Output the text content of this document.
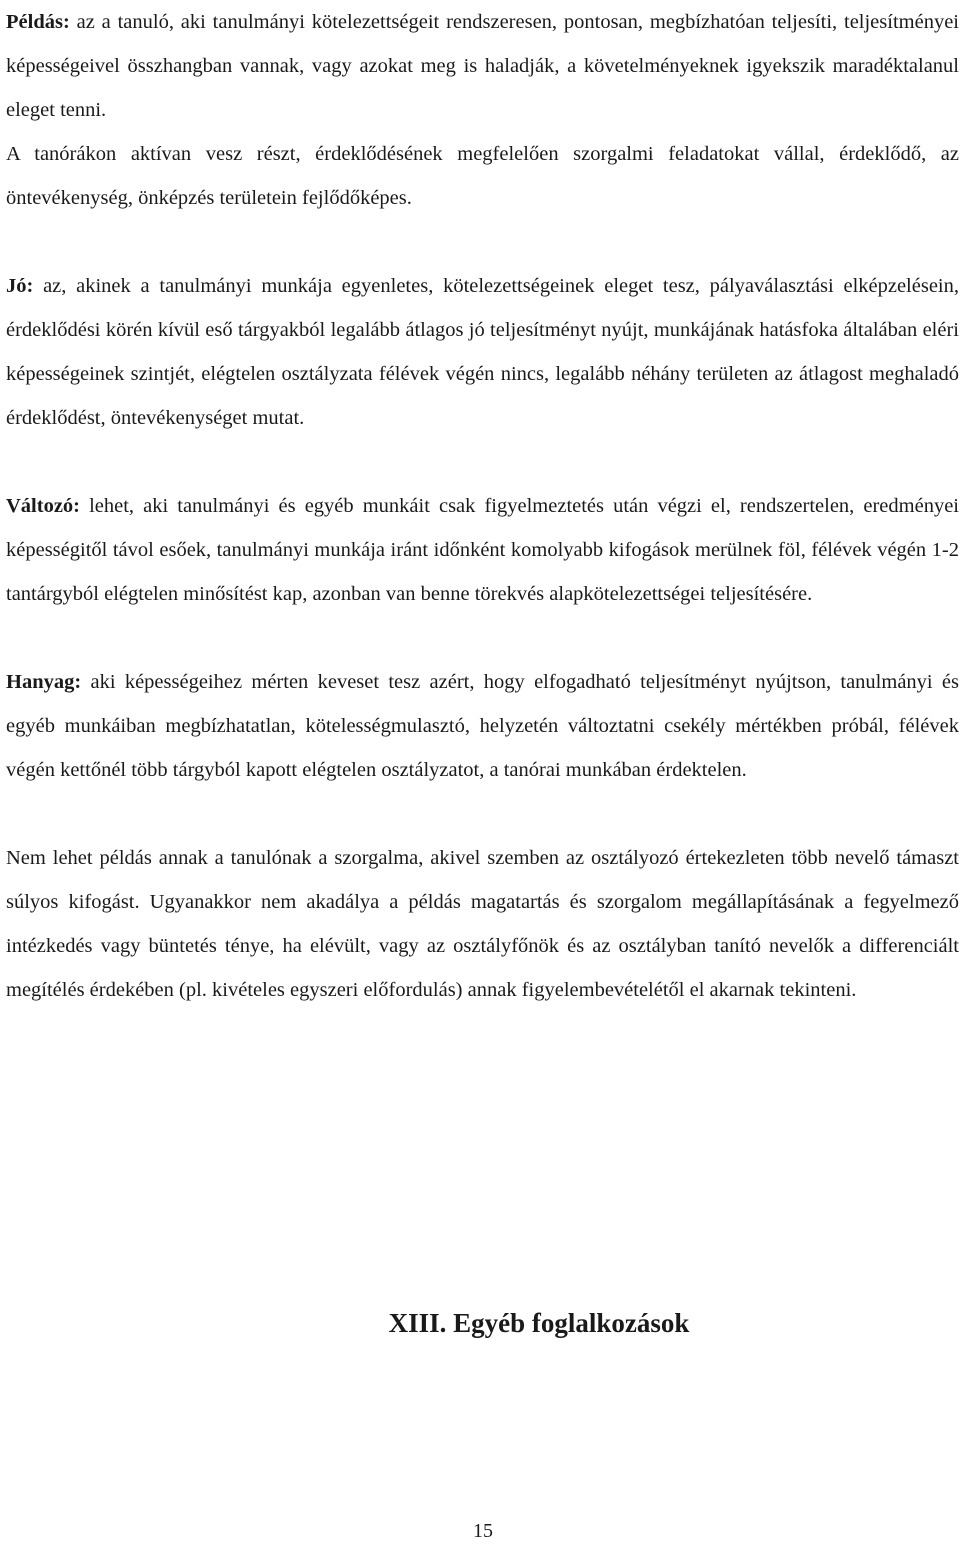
Példás: az a tanuló, aki tanulmányi kötelezettségeit rendszeresen, pontosan, megbízhatóan teljesíti, teljesítményei képességeivel összhangban vannak, vagy azokat meg is haladják, a követelményeknek igyekszik maradéktalanul eleget tenni.

A tanórákon aktívan vesz részt, érdeklődésének megfelelően szorgalmi feladatokat vállal, érdeklődő, az öntevékenység, önképzés területein fejlődőképes.

Jó: az, akinek a tanulmányi munkája egyenletes, kötelezettségeinek eleget tesz, pályaválasztási elképzelésein, érdeklődési körén kívül eső tárgyakból legalább átlagos jó teljesítményt nyújt, munkájának hatásfoka általában eléri képességeinek szintjét, elégtelen osztályzata félévek végén nincs, legalább néhány területen az átlagost meghaladó érdeklődést, öntevékenységet mutat.

Változó: lehet, aki tanulmányi és egyéb munkáit csak figyelmeztetés után végzi el, rendszertelen, eredményei képességitől távol esőek, tanulmányi munkája iránt időnként komolyabb kifogások merülnek föl, félévek végén 1-2 tantárgyból elégtelen minősítést kap, azonban van benne törekvés alapkötelezettségei teljesítésére.

Hanyag: aki képességeihez mérten keveset tesz azért, hogy elfogadható teljesítményt nyújtson, tanulmányi és egyéb munkáiban megbízhatatlan, kötelességmulasztó, helyzetén változtatni csekély mértékben próbál, félévek végén kettőnél több tárgyból kapott elégtelen osztályzatot, a tanórai munkában érdektelen.

Nem lehet példás annak a tanulónak a szorgalma, akivel szemben az osztályozó értekezleten több nevelő támaszt súlyos kifogást. Ugyanakkor nem akadálya a példás magatartás és szorgalom megállapításának a fegyelmező intézkedés vagy büntetés ténye, ha elévült, vagy az osztályfőnök és az osztályban tanító nevelők a differenciált megítélés érdekében (pl. kivételes egyszeri előfordulás) annak figyelembevételétől el akarnak tekinteni.

XIII. Egyéb foglalkozások

15
